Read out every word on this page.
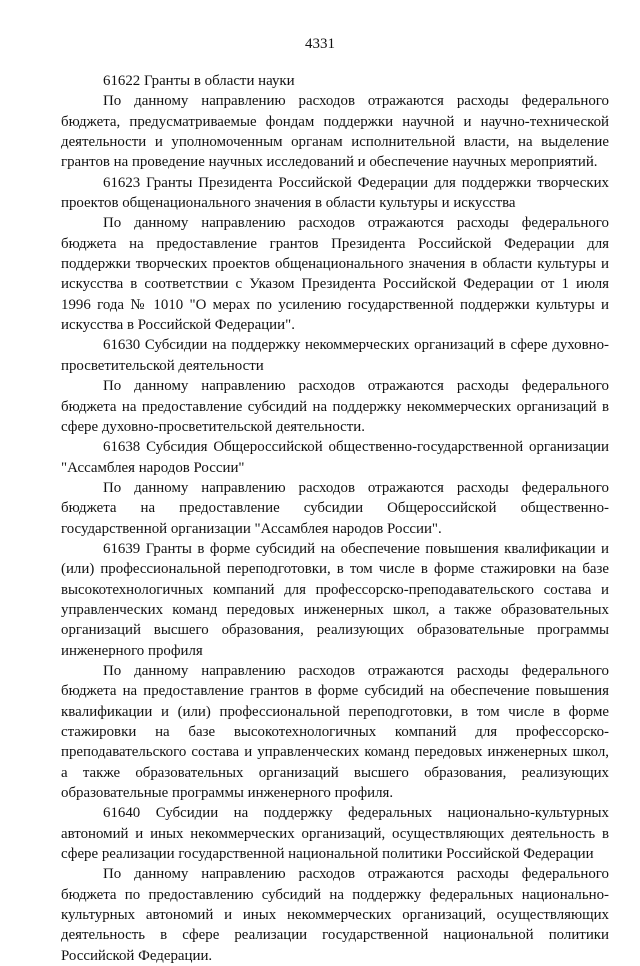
4331

61622 Гранты в области науки

По данному направлению расходов отражаются расходы федерального бюджета, предусматриваемые фондам поддержки научной и научно-технической деятельности и уполномоченным органам исполнительной власти, на выделение грантов на проведение научных исследований и обеспечение научных мероприятий.

61623 Гранты Президента Российской Федерации для поддержки творческих проектов общенационального значения в области культуры и искусства

По данному направлению расходов отражаются расходы федерального бюджета на предоставление грантов Президента Российской Федерации для поддержки творческих проектов общенационального значения в области культуры и искусства в соответствии с Указом Президента Российской Федерации от 1 июля 1996 года № 1010 "О мерах по усилению государственной поддержки культуры и искусства в Российской Федерации".

61630 Субсидии на поддержку некоммерческих организаций в сфере духовно-просветительской деятельности

По данному направлению расходов отражаются расходы федерального бюджета на предоставление субсидий на поддержку некоммерческих организаций в сфере духовно-просветительской деятельности.

61638 Субсидия Общероссийской общественно-государственной организации "Ассамблея народов России"

По данному направлению расходов отражаются расходы федерального бюджета на предоставление субсидии Общероссийской общественно-государственной организации "Ассамблея народов России".

61639 Гранты в форме субсидий на обеспечение повышения квалификации и (или) профессиональной переподготовки, в том числе в форме стажировки на базе высокотехнологичных компаний для профессорско-преподавательского состава и управленческих команд передовых инженерных школ, а также образовательных организаций высшего образования, реализующих образовательные программы инженерного профиля

По данному направлению расходов отражаются расходы федерального бюджета на предоставление грантов в форме субсидий на обеспечение повышения квалификации и (или) профессиональной переподготовки, в том числе в форме стажировки на базе высокотехнологичных компаний для профессорско-преподавательского состава и управленческих команд передовых инженерных школ, а также образовательных организаций высшего образования, реализующих образовательные программы инженерного профиля.

61640 Субсидии на поддержку федеральных национально-культурных автономий и иных некоммерческих организаций, осуществляющих деятельность в сфере реализации государственной национальной политики Российской Федерации

По данному направлению расходов отражаются расходы федерального бюджета по предоставлению субсидий на поддержку федеральных национально-культурных автономий и иных некоммерческих организаций, осуществляющих деятельность в сфере реализации государственной национальной политики Российской Федерации.
